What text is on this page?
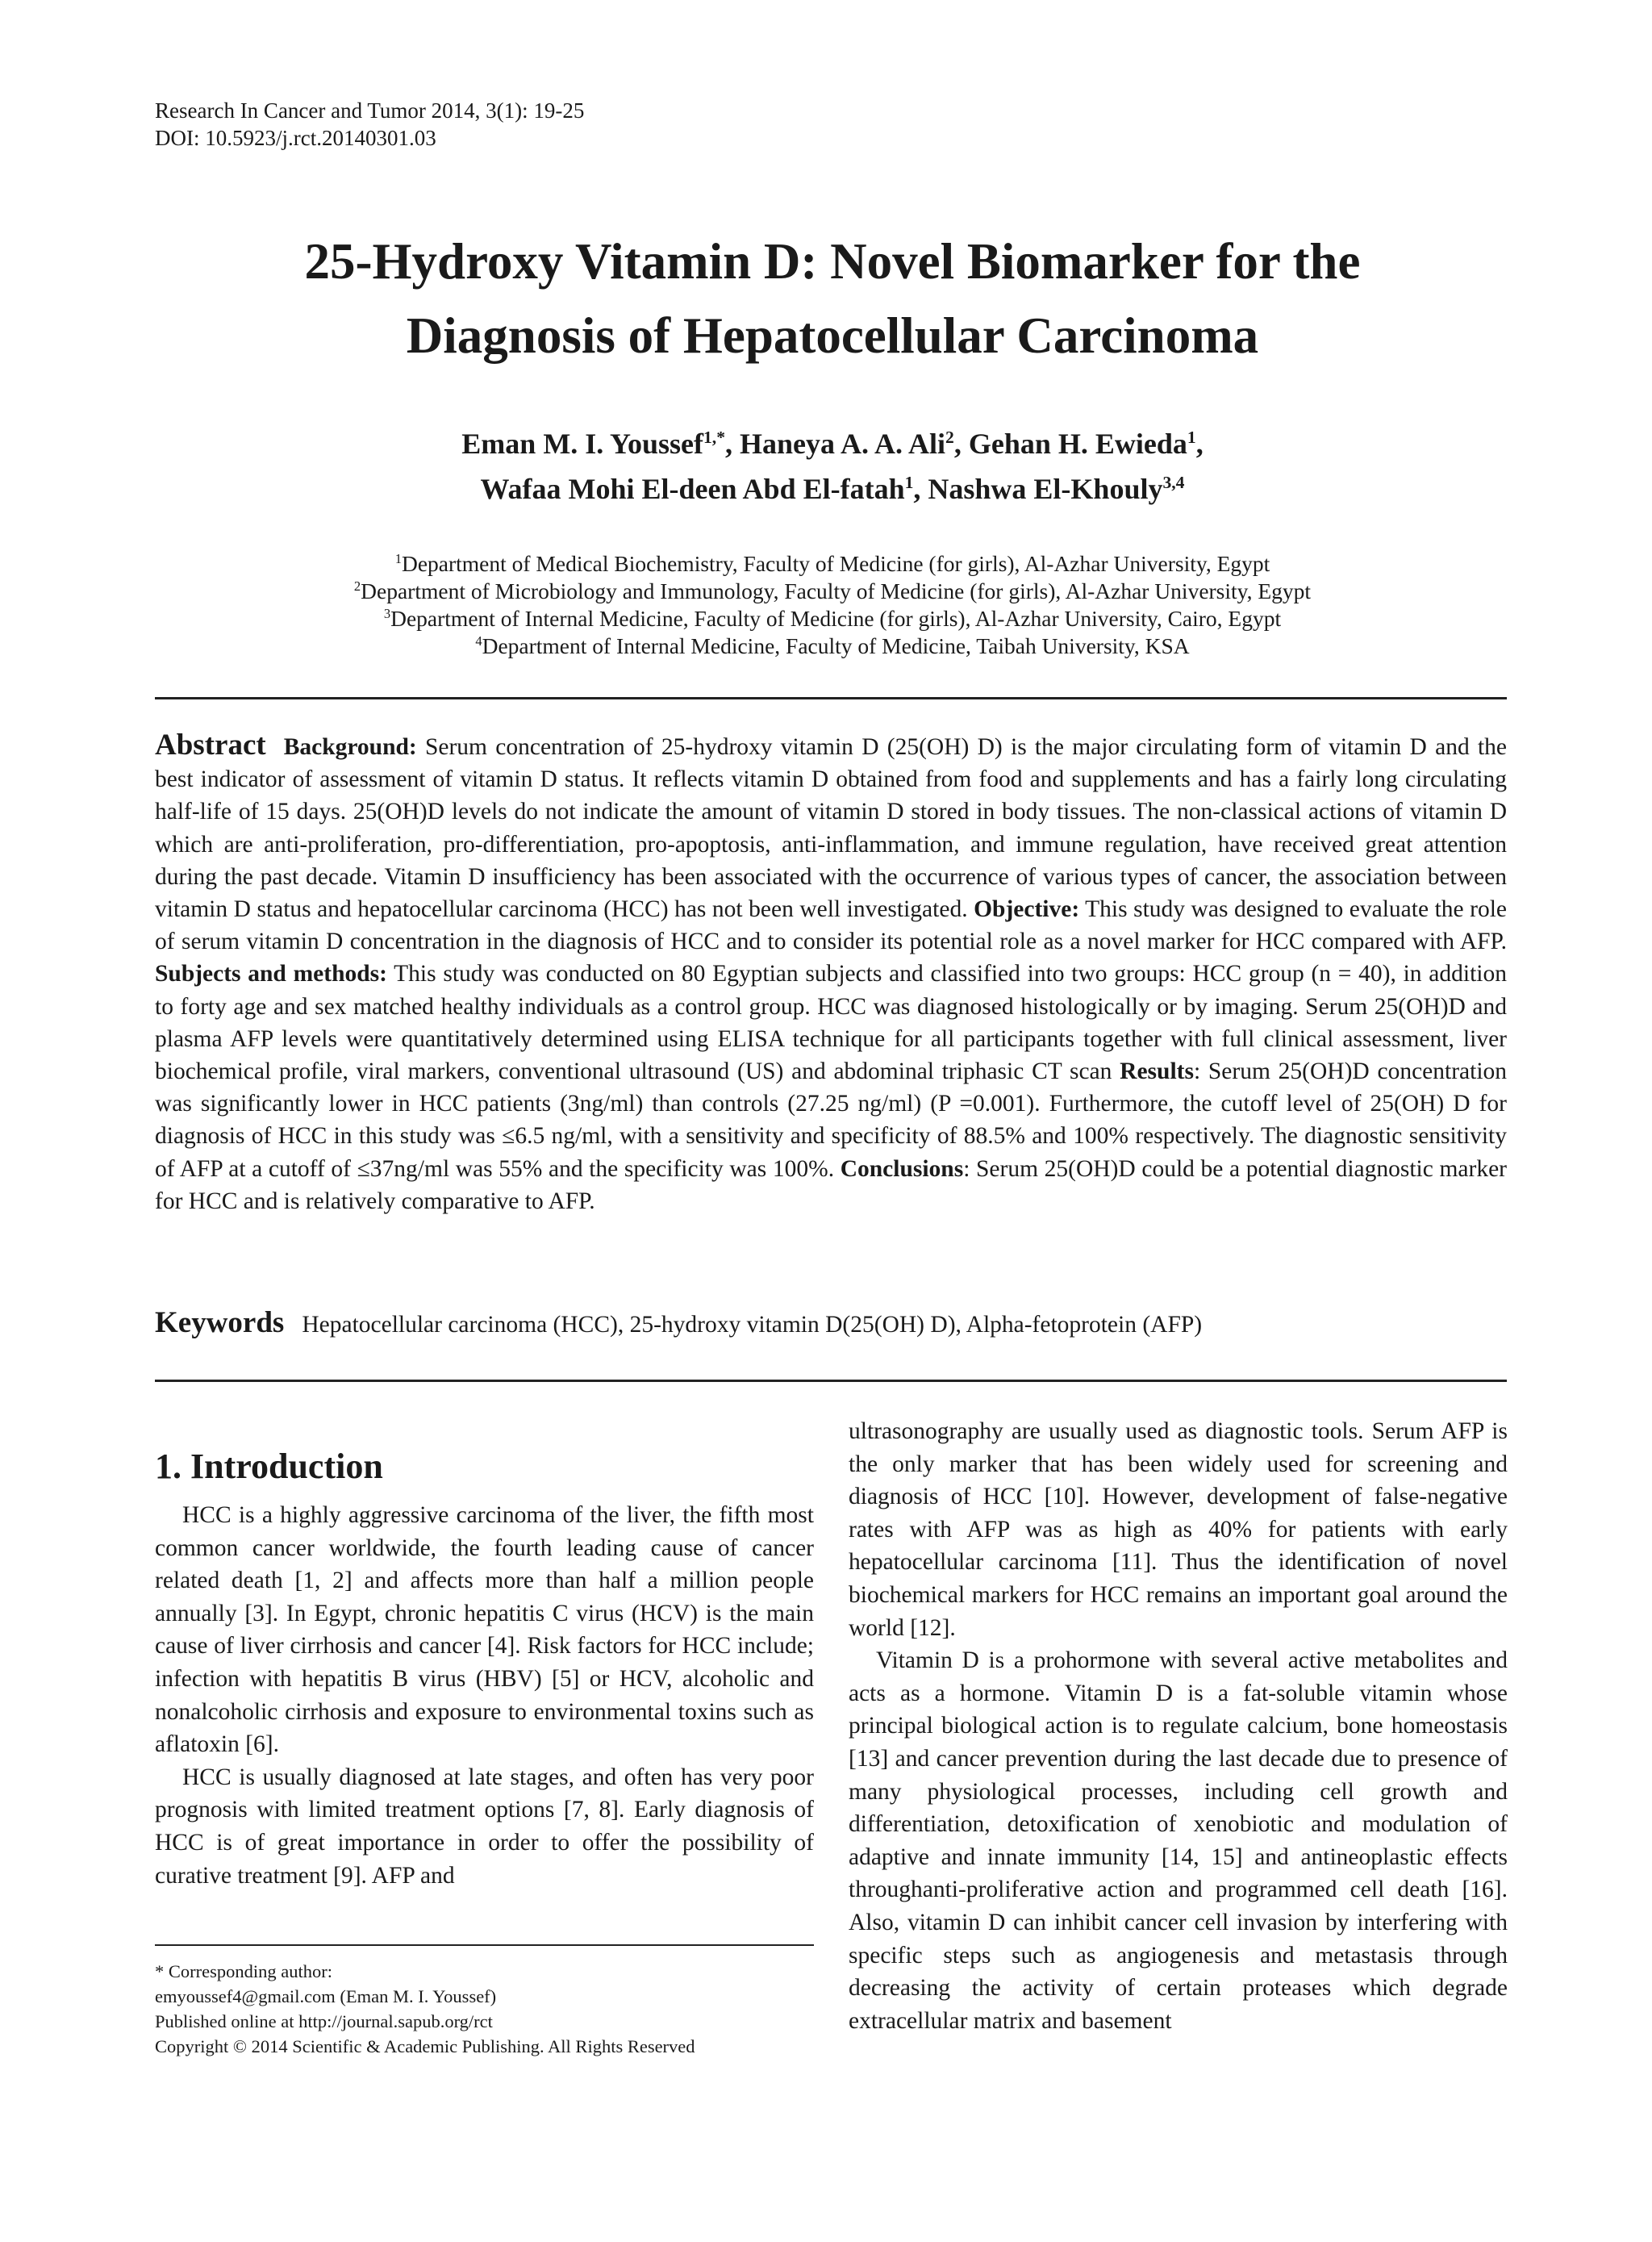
Research In Cancer and Tumor 2014, 3(1): 19-25
DOI: 10.5923/j.rct.20140301.03
25-Hydroxy Vitamin D: Novel Biomarker for the
Diagnosis of Hepatocellular Carcinoma
Eman M. I. Youssef$^{1,*}$, Haneya A. A. Ali$^2$, Gehan H. Ewieda$^1$,
Wafaa Mohi El-deen Abd El-fatah$^1$, Nashwa El-Khouly$^{3,4}$
$^1$Department of Medical Biochemistry, Faculty of Medicine (for girls), Al-Azhar University, Egypt
$^2$Department of Microbiology and Immunology, Faculty of Medicine (for girls), Al-Azhar University, Egypt
$^3$Department of Internal Medicine, Faculty of Medicine (for girls), Al-Azhar University, Cairo, Egypt
$^4$Department of Internal Medicine, Faculty of Medicine, Taibah University, KSA

Abstract Background: Serum concentration of 25-hydroxy vitamin D (25(OH) D) is the major circulating form of vitamin D and the best indicator of assessment of vitamin D status. It reflects vitamin D obtained from food and supplements and has a fairly long circulating half-life of 15 days. 25(OH)D levels do not indicate the amount of vitamin D stored in body tissues. The non-classical actions of vitamin D which are anti-proliferation, pro-differentiation, pro-apoptosis, anti-inflammation, and immune regulation, have received great attention during the past decade. Vitamin D insufficiency has been associated with the occurrence of various types of cancer, the association between vitamin D status and hepatocellular carcinoma (HCC) has not been well investigated. Objective: This study was designed to evaluate the role of serum vitamin D concentration in the diagnosis of HCC and to consider its potential role as a novel marker for HCC compared with AFP. Subjects and methods: This study was conducted on 80 Egyptian subjects and classified into two groups: HCC group (n = 40), in addition to forty age and sex matched healthy individuals as a control group. HCC was diagnosed histologically or by imaging. Serum 25(OH)D and plasma AFP levels were quantitatively determined using ELISA technique for all participants together with full clinical assessment, liver biochemical profile, viral markers, conventional ultrasound (US) and abdominal triphasic CT scan Results: Serum 25(OH)D concentration was significantly lower in HCC patients (3ng/ml) than controls (27.25 ng/ml) (P =0.001). Furthermore, the cutoff level of 25(OH) D for diagnosis of HCC in this study was ≤6.5 ng/ml, with a sensitivity and specificity of 88.5% and 100% respectively. The diagnostic sensitivity of AFP at a cutoff of ≤37ng/ml was 55% and the specificity was 100%. Conclusions: Serum 25(OH)D could be a potential diagnostic marker for HCC and is relatively comparative to AFP.

Keywords Hepatocellular carcinoma (HCC), 25-hydroxy vitamin D(25(OH) D), Alpha-fetoprotein (AFP)
1. Introduction

HCC is a highly aggressive carcinoma of the liver, the fifth most common cancer worldwide, the fourth leading cause of cancer related death [1, 2] and affects more than half a million people annually [3]. In Egypt, chronic hepatitis C virus (HCV) is the main cause of liver cirrhosis and cancer [4]. Risk factors for HCC include; infection with hepatitis B virus (HBV) [5] or HCV, alcoholic and nonalcoholic cirrhosis and exposure to environmental toxins such as aflatoxin [6].

HCC is usually diagnosed at late stages, and often has very poor prognosis with limited treatment options [7, 8]. Early diagnosis of HCC is of great importance in order to offer the possibility of curative treatment [9]. AFP and

ultrasonography are usually used as diagnostic tools. Serum AFP is the only marker that has been widely used for screening and diagnosis of HCC [10]. However, development of false-negative rates with AFP was as high as 40% for patients with early hepatocellular carcinoma [11]. Thus the identification of novel biochemical markers for HCC remains an important goal around the world [12].

Vitamin D is a prohormone with several active metabolites and acts as a hormone. Vitamin D is a fat-soluble vitamin whose principal biological action is to regulate calcium, bone homeostasis [13] and cancer prevention during the last decade due to presence of many physiological processes, including cell growth and differentiation, detoxification of xenobiotic and modulation of adaptive and innate immunity [14, 15] and antineoplastic effects throughanti-proliferative action and programmed cell death [16]. Also, vitamin D can inhibit cancer cell invasion by interfering with specific steps such as angiogenesis and metastasis through decreasing the activity of certain proteases which degrade extracellular matrix and basement

* Corresponding author:
emyoussef4@gmail.com (Eman M. I. Youssef)
Published online at http://journal.sapub.org/rct
Copyright © 2014 Scientific & Academic Publishing. All Rights Reserved
